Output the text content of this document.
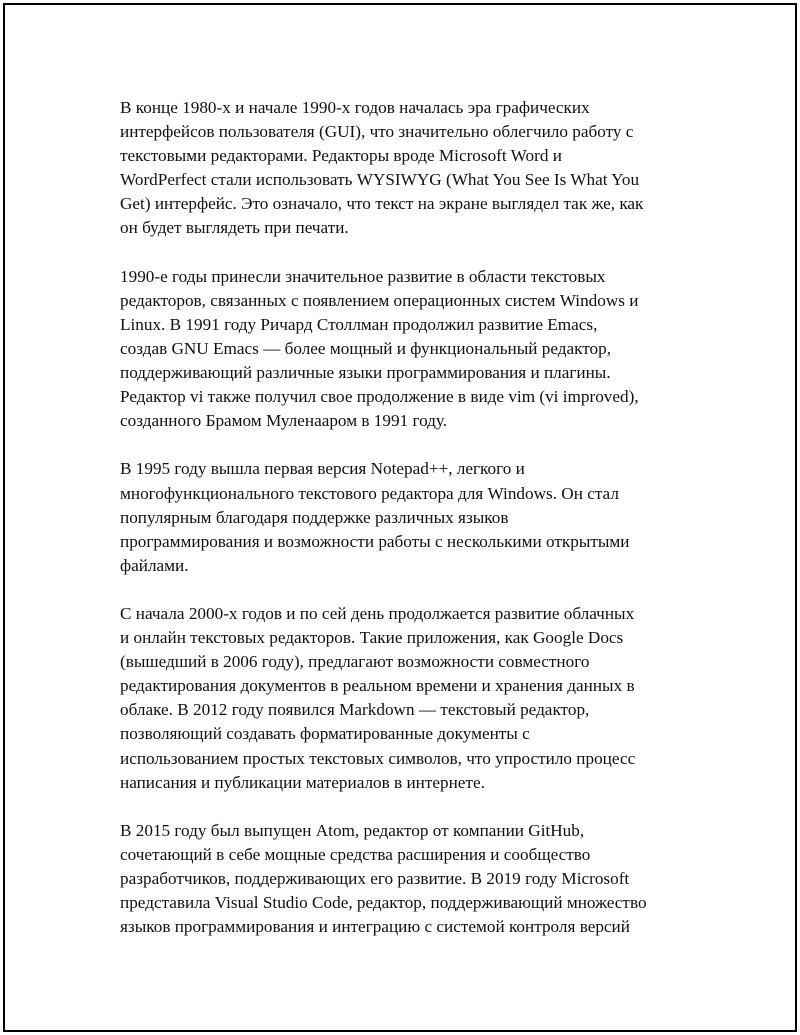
В конце 1980-х и начале 1990-х годов началась эра графических
интерфейсов пользователя (GUI), что значительно облегчило работу с
текстовыми редакторами. Редакторы вроде Microsoft Word и
WordPerfect стали использовать WYSIWYG (What You See Is What You
Get) интерфейс. Это означало, что текст на экране выглядел так же, как
он будет выглядеть при печати.
1990-е годы принесли значительное развитие в области текстовых
редакторов, связанных с появлением операционных систем Windows и
Linux. В 1991 году Ричард Столлман продолжил развитие Emacs,
создав GNU Emacs — более мощный и функциональный редактор,
поддерживающий различные языки программирования и плагины.
Редактор vi также получил свое продолжение в виде vim (vi improved),
созданного Брамом Муленааром в 1991 году.
В 1995 году вышла первая версия Notepad++, легкого и
многофункционального текстового редактора для Windows. Он стал
популярным благодаря поддержке различных языков
программирования и возможности работы с несколькими открытыми
файлами.
С начала 2000-х годов и по сей день продолжается развитие облачных
и онлайн текстовых редакторов. Такие приложения, как Google Docs
(вышедший в 2006 году), предлагают возможности совместного
редактирования документов в реальном времени и хранения данных в
облаке. В 2012 году появился Markdown — текстовый редактор,
позволяющий создавать форматированные документы с
использованием простых текстовых символов, что упростило процесс
написания и публикации материалов в интернете.
В 2015 году был выпущен Atom, редактор от компании GitHub,
сочетающий в себе мощные средства расширения и сообщество
разработчиков, поддерживающих его развитие. В 2019 году Microsoft
представила Visual Studio Code, редактор, поддерживающий множество
языков программирования и интеграцию с системой контроля версий
